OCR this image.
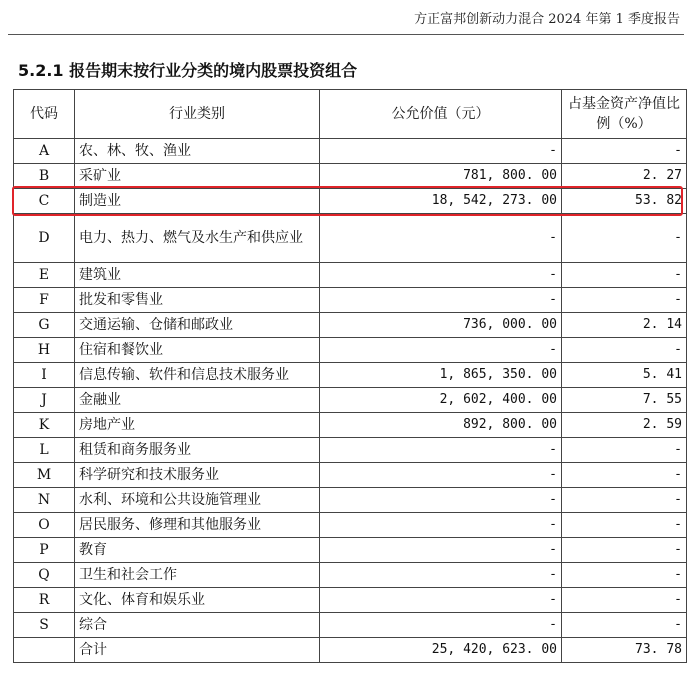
方正富邦创新动力混合 2024 年第 1 季度报告
5.2.1 报告期末按行业分类的境内股票投资组合
代码	行业类别	公允价值（元）	占基金资产净值比例（%）
A	农、林、牧、渔业	-	-
B	采矿业	781, 800. 00	2. 27
C	制造业	18, 542, 273. 00	53. 82
D	电力、热力、燃气及水生产和供应业	-	-
E	建筑业	-	-
F	批发和零售业	-	-
G	交通运输、仓储和邮政业	736, 000. 00	2. 14
H	住宿和餐饮业	-	-
I	信息传输、软件和信息技术服务业	1, 865, 350. 00	5. 41
J	金融业	2, 602, 400. 00	7. 55
K	房地产业	892, 800. 00	2. 59
L	租赁和商务服务业	-	-
M	科学研究和技术服务业	-	-
N	水利、环境和公共设施管理业	-	-
O	居民服务、修理和其他服务业	-	-
P	教育	-	-
Q	卫生和社会工作	-	-
R	文化、体育和娱乐业	-	-
S	综合	-	-
	合计	25, 420, 623. 00	73. 78
